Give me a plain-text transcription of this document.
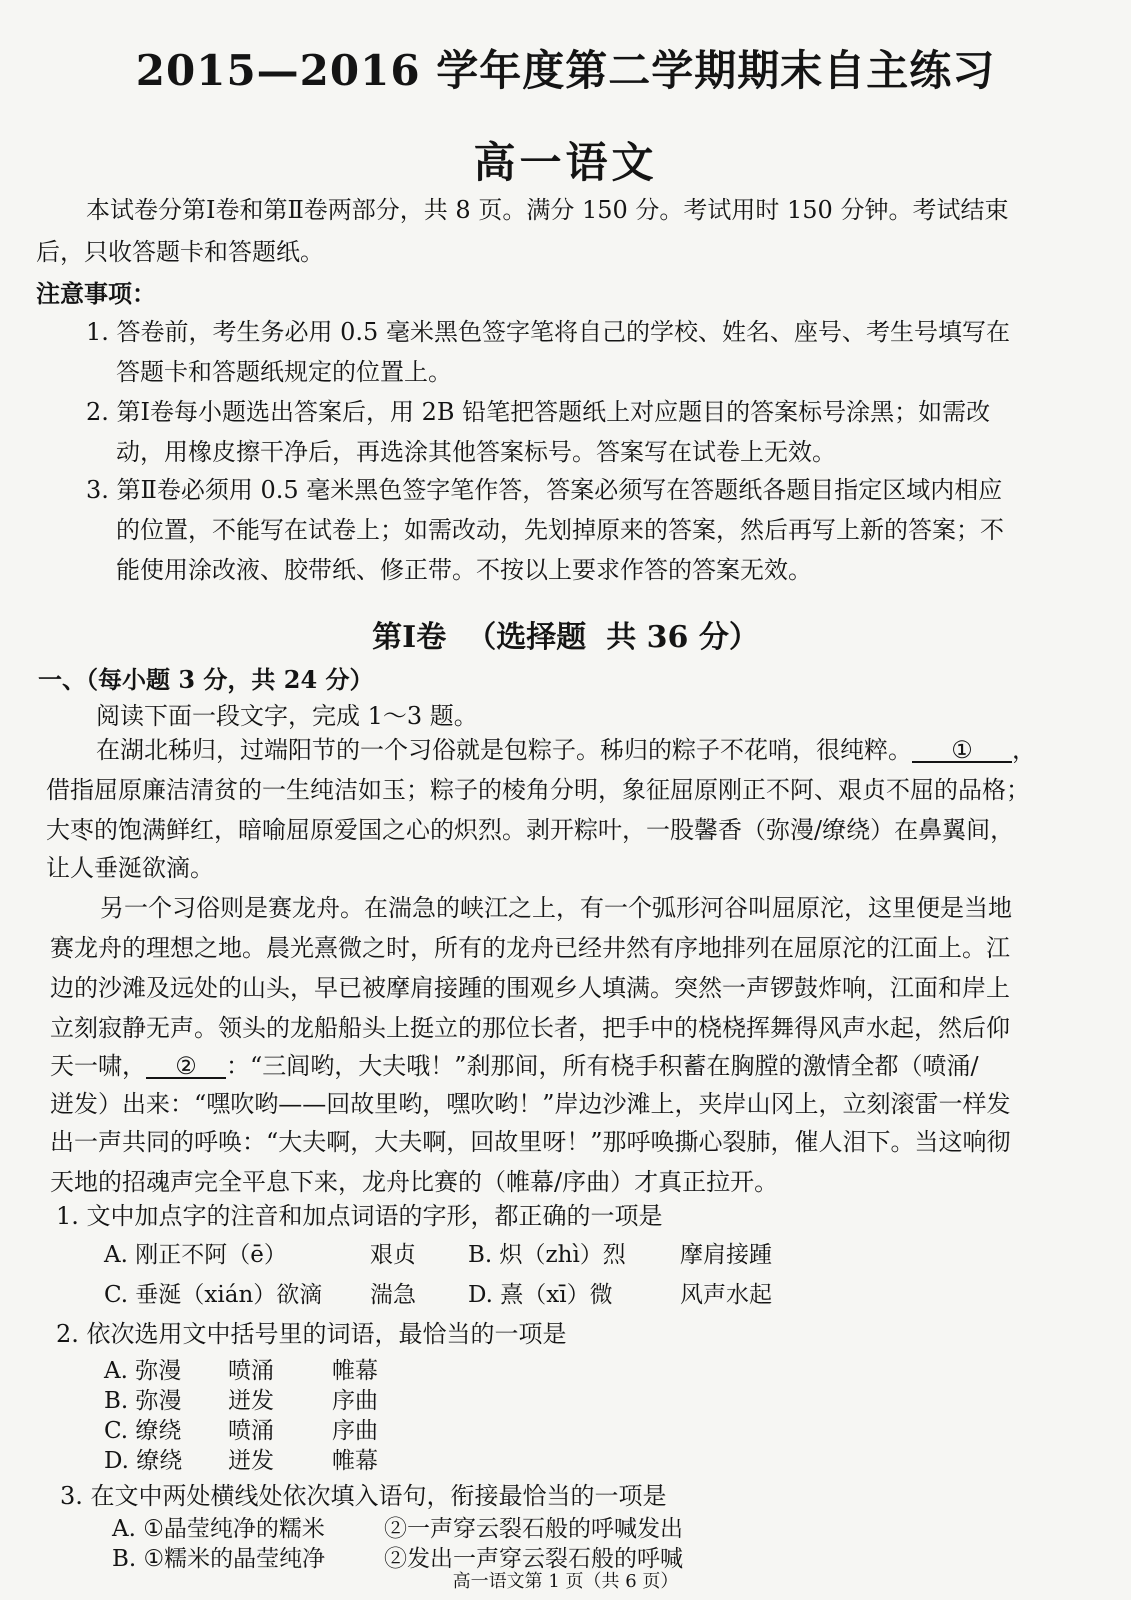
2015—2016 学年度第二学期期末自主练习
高一语文
本试卷分第Ⅰ卷和第Ⅱ卷两部分，共 8 页。满分 150 分。考试用时 150 分钟。考试结束
后，只收答题卡和答题纸。
注意事项：
1. 答卷前，考生务必用 0.5 毫米黑色签字笔将自己的学校、姓名、座号、考生号填写在
答题卡和答题纸规定的位置上。
2. 第Ⅰ卷每小题选出答案后，用 2B 铅笔把答题纸上对应题目的答案标号涂黑；如需改
动，用橡皮擦干净后，再选涂其他答案标号。答案写在试卷上无效。
3. 第Ⅱ卷必须用 0.5 毫米黑色签字笔作答，答案必须写在答题纸各题目指定区域内相应
的位置，不能写在试卷上；如需改动，先划掉原来的答案，然后再写上新的答案；不
能使用涂改液、胶带纸、修正带。不按以上要求作答的答案无效。
第Ⅰ卷 （选择题 共 36 分）
一、（每小题 3 分，共 24 分）
阅读下面一段文字，完成 1～3 题。
在湖北秭归，过端阳节的一个习俗就是包粽子。秭归的粽子不花哨，很纯粹。 ① ，
借指屈原廉洁清贫的一生纯洁如玉；粽子的棱角分明，象征屈原刚正不阿、艰贞不屈的品格；
大枣的饱满鲜红，暗喻屈原爱国之心的炽烈。剥开粽叶，一股馨香（弥漫/缭绕）在鼻翼间，
让人垂涎欲滴。
另一个习俗则是赛龙舟。在湍急的峡江之上，有一个弧形河谷叫屈原沱，这里便是当地
赛龙舟的理想之地。晨光熹微之时，所有的龙舟已经井然有序地排列在屈原沱的江面上。江
边的沙滩及远处的山头，早已被摩肩接踵的围观乡人填满。突然一声锣鼓炸响，江面和岸上
立刻寂静无声。领头的龙船船头上挺立的那位长者，把手中的桡桡挥舞得风声水起，然后仰
天一啸， ② ：“三闾哟，大夫哦！”刹那间，所有桡手积蓄在胸膛的激情全都（喷涌/
迸发）出来：“嘿吹哟——回故里哟，嘿吹哟！”岸边沙滩上，夹岸山冈上，立刻滚雷一样发
出一声共同的呼唤：“大夫啊，大夫啊，回故里呀！”那呼唤撕心裂肺，催人泪下。当这响彻
天地的招魂声完全平息下来，龙舟比赛的（帷幕/序曲）才真正拉开。
1. 文中加点字的注音和加点词语的字形，都正确的一项是
A. 刚正不阿（ē）	艰贞 B. 炽（zhì）烈 摩肩接踵
C. 垂涎（xián）欲滴 湍急 D. 熹（xī）微	风声水起
2. 依次选用文中括号里的词语，最恰当的一项是
A. 弥漫 喷涌	帷幕
B. 弥漫 迸发	序曲
C. 缭绕 喷涌	序曲
D. 缭绕 迸发	帷幕
3. 在文中两处横线处依次填入语句，衔接最恰当的一项是
A. ①晶莹纯净的糯米	②一声穿云裂石般的呼喊发出
B. ①糯米的晶莹纯净	②发出一声穿云裂石般的呼喊
高一语文第 1 页（共 6 页）
